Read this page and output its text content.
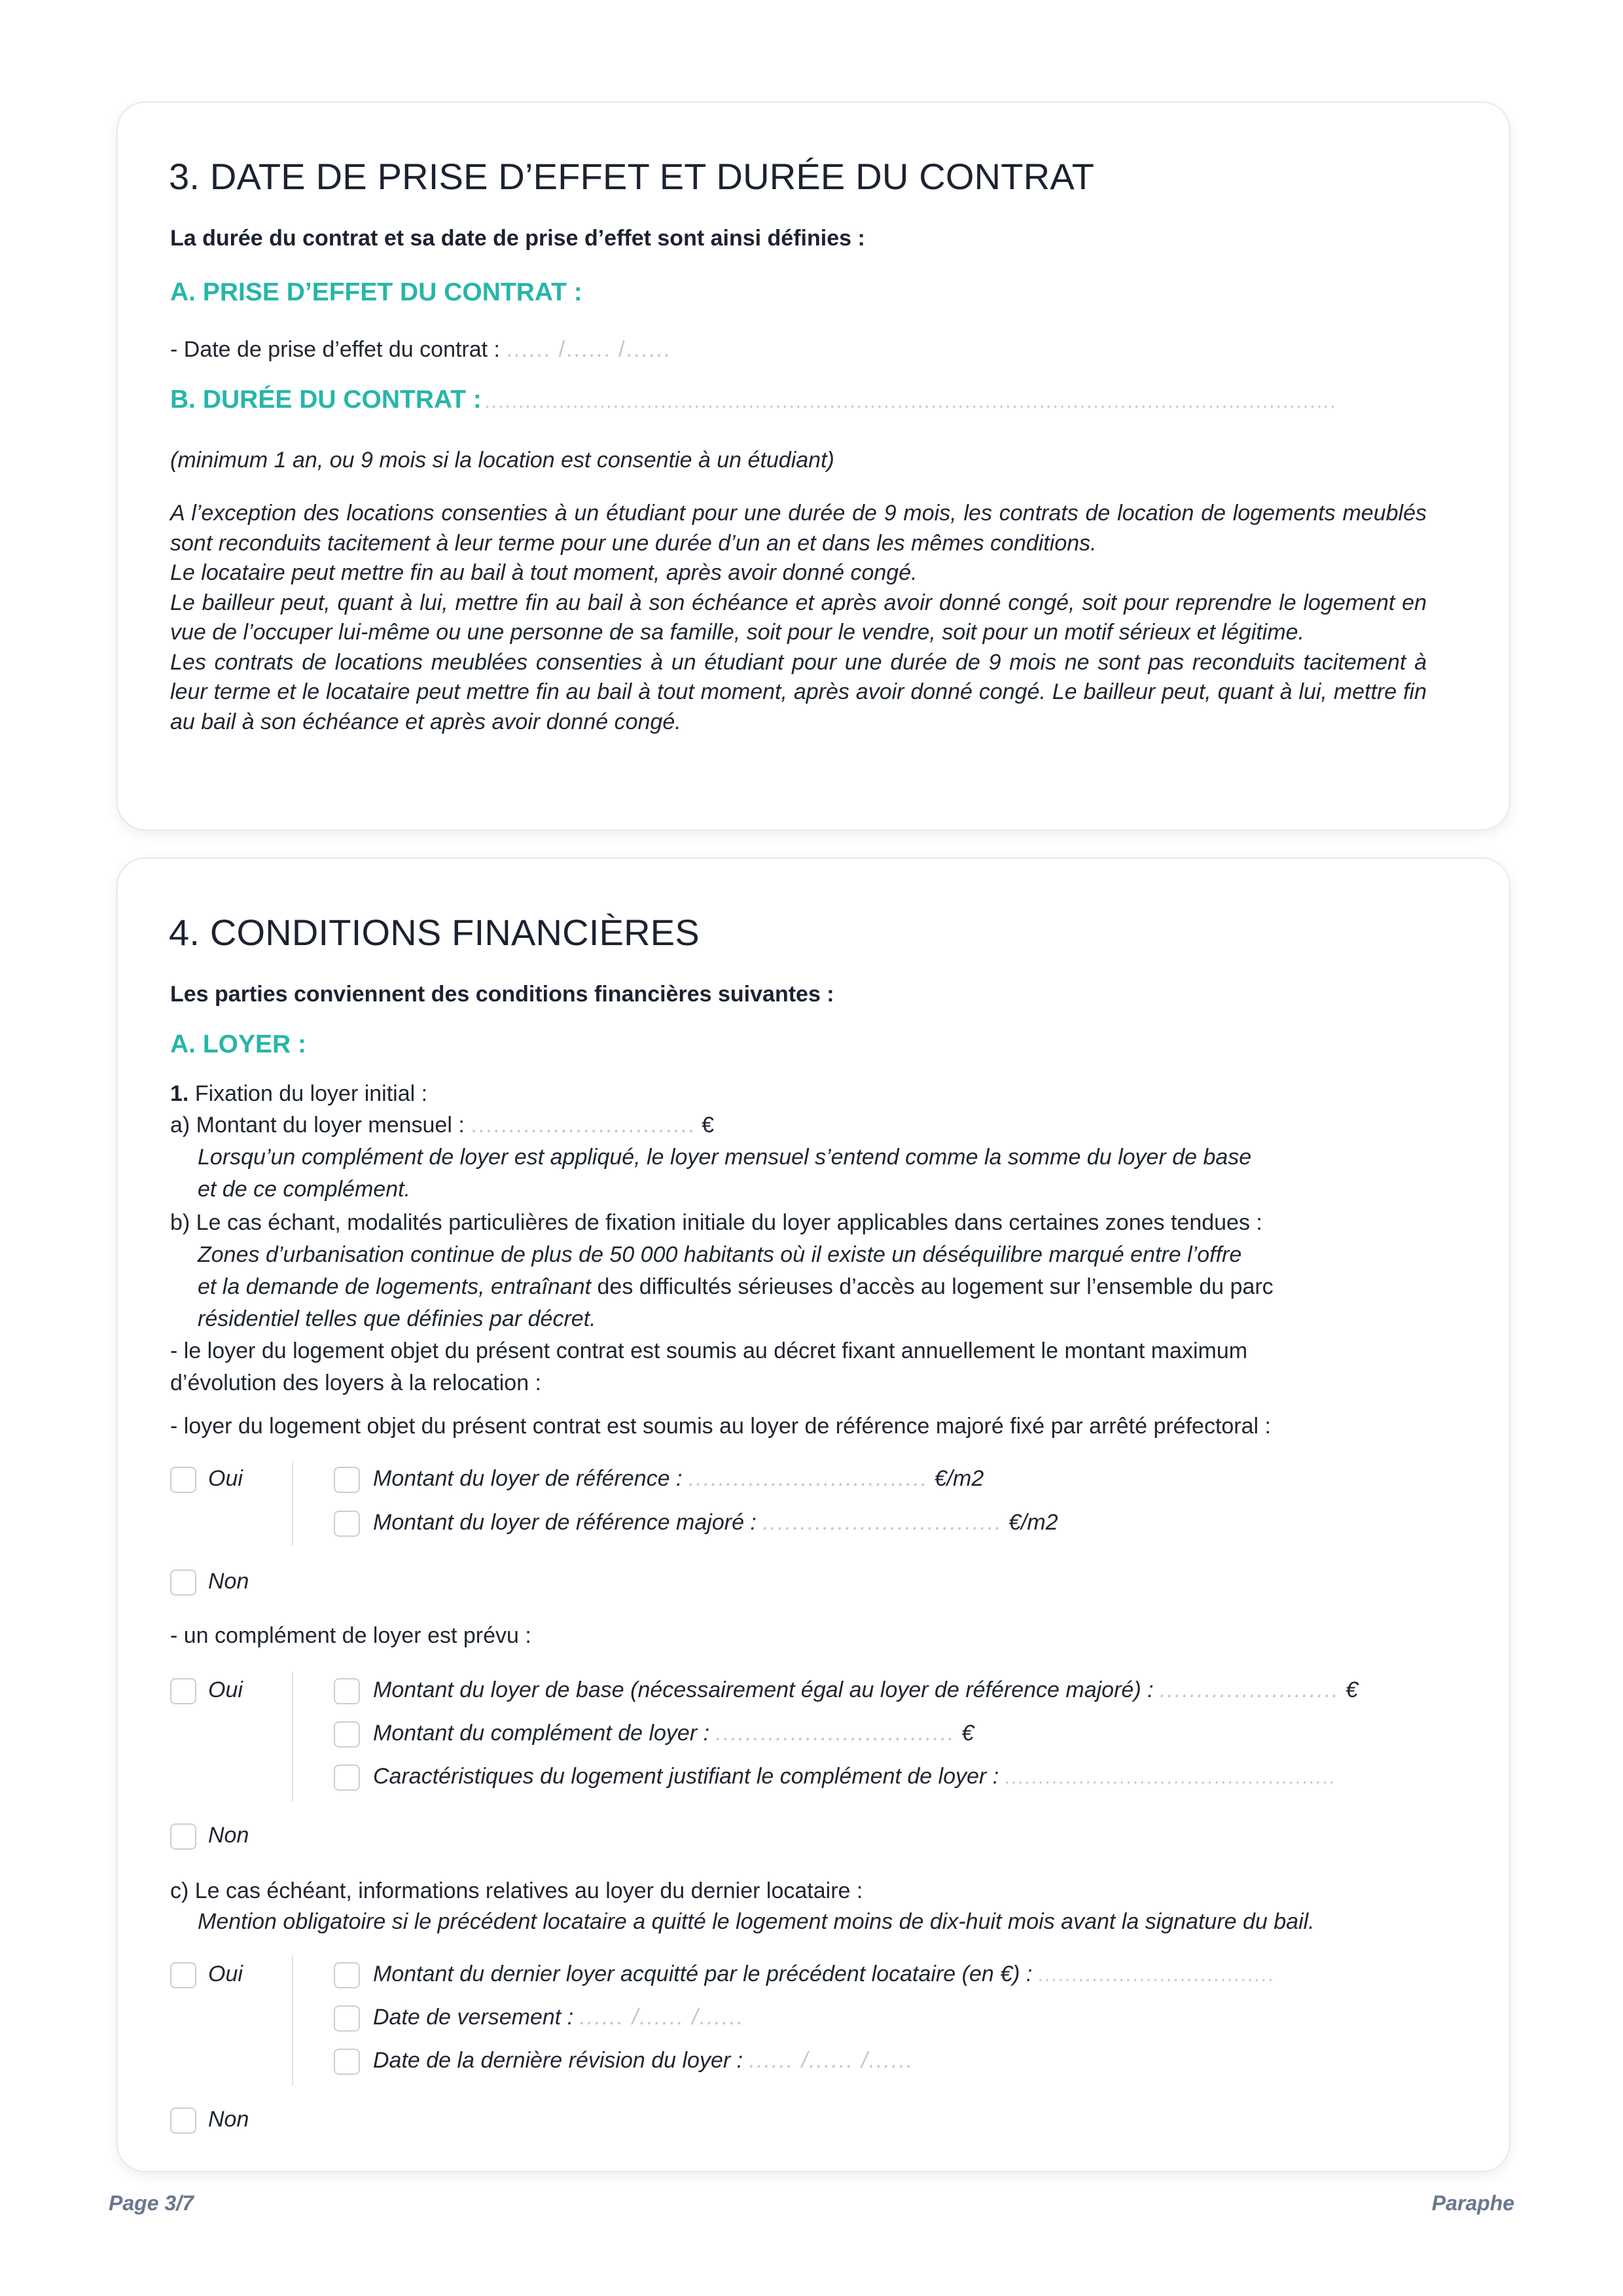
3. DATE DE PRISE D’EFFET ET DURÉE DU CONTRAT
La durée du contrat et sa date de prise d’effet sont ainsi définies :
A. PRISE D’EFFET DU CONTRAT :
- Date de prise d’effet du contrat : ...... /...... /......
B. DURÉE DU CONTRAT : ..............................................................................................................................
(minimum 1 an, ou 9 mois si la location est consentie à un étudiant)
A l’exception des locations consenties à un étudiant pour une durée de 9 mois, les contrats de location de logements meublés sont reconduits tacitement à leur terme pour une durée d’un an et dans les mêmes conditions.
Le locataire peut mettre fin au bail à tout moment, après avoir donné congé.
Le bailleur peut, quant à lui, mettre fin au bail à son échéance et après avoir donné congé, soit pour reprendre le logement en vue de l’occuper lui-même ou une personne de sa famille, soit pour le vendre, soit pour un motif sérieux et légitime.
Les contrats de locations meublées consenties à un étudiant pour une durée de 9 mois ne sont pas reconduits tacitement à leur terme et le locataire peut mettre fin au bail à tout moment, après avoir donné congé. Le bailleur peut, quant à lui, mettre fin au bail à son échéance et après avoir donné congé.
4. CONDITIONS FINANCIÈRES
Les parties conviennent des conditions financières suivantes :
A. LOYER :
1. Fixation du loyer initial :
a) Montant du loyer mensuel : .............................. €
Lorsqu’un complément de loyer est appliqué, le loyer mensuel s’entend comme la somme du loyer de base
et de ce complément.
b) Le cas échant, modalités particulières de fixation initiale du loyer applicables dans certaines zones tendues :
Zones d’urbanisation continue de plus de 50 000 habitants où il existe un déséquilibre marqué entre l’offre
et la demande de logements, entraînant des difficultés sérieuses d’accès au logement sur l’ensemble du parc
résidentiel telles que définies par décret.
- le loyer du logement objet du présent contrat est soumis au décret fixant annuellement le montant maximum
d’évolution des loyers à la relocation :
- loyer du logement objet du présent contrat est soumis au loyer de référence majoré fixé par arrêté préfectoral :
Oui	Montant du loyer de référence : ................................ €/m2
Montant du loyer de référence majoré : ................................ €/m2
Non
- un complément de loyer est prévu :
Oui	Montant du loyer de base (nécessairement égal au loyer de référence majoré) : ........................ €
Montant du complément de loyer : ................................ €
Caractéristiques du logement justifiant le complément de loyer : .................................................
Non
c) Le cas échéant, informations relatives au loyer du dernier locataire :
Mention obligatoire si le précédent locataire a quitté le logement moins de dix-huit mois avant la signature du bail.
Oui	Montant du dernier loyer acquitté par le précédent locataire (en €) : ...................................
Date de versement : ...... /...... /......
Date de la dernière révision du loyer : ...... /...... /......
Non
Page 3/7	Paraphe
